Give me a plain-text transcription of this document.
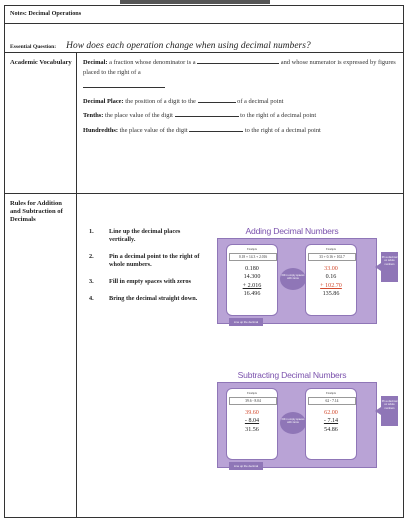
Notes: Decimal Operations
Essential Question: How does each operation change when using decimal numbers?
Academic Vocabulary	Decimal: a fraction whose denominator is a	and whose numerator is expressed by figures placed to the right of a

Decimal Place: the position of a digit to the	of a decimal point
Tenths: the place value of the digit	to the right of a decimal point
Hundredths: the place value of the digit	to the right of a decimal point
Rules for Addition and Subtraction of Decimals
1. Line up the decimal places vertically.
2. Pin a decimal point to the right of whole numbers.
3. Fill in empty spaces with zeros
4. Bring the decimal straight down.
Adding Decimal Numbers
Example
0.18 + 14.3 + 2.016
0.180
14.300
+ 2.016
16.496
Fill in empty spaces with zeros
Example
33 + 0.16 + 102.7
33.00
0.16
+ 102.70
135.86
Pin a decimal on whole numbers
Line up the decimal
Subtracting Decimal Numbers
Example
39.6 - 8.04
39.60
- 8.04
31.56
Fill in empty spaces with zeros
Example
62 - 7.14
62.00
- 7.14
54.86
Pin a decimal on whole numbers
Line up the decimal
